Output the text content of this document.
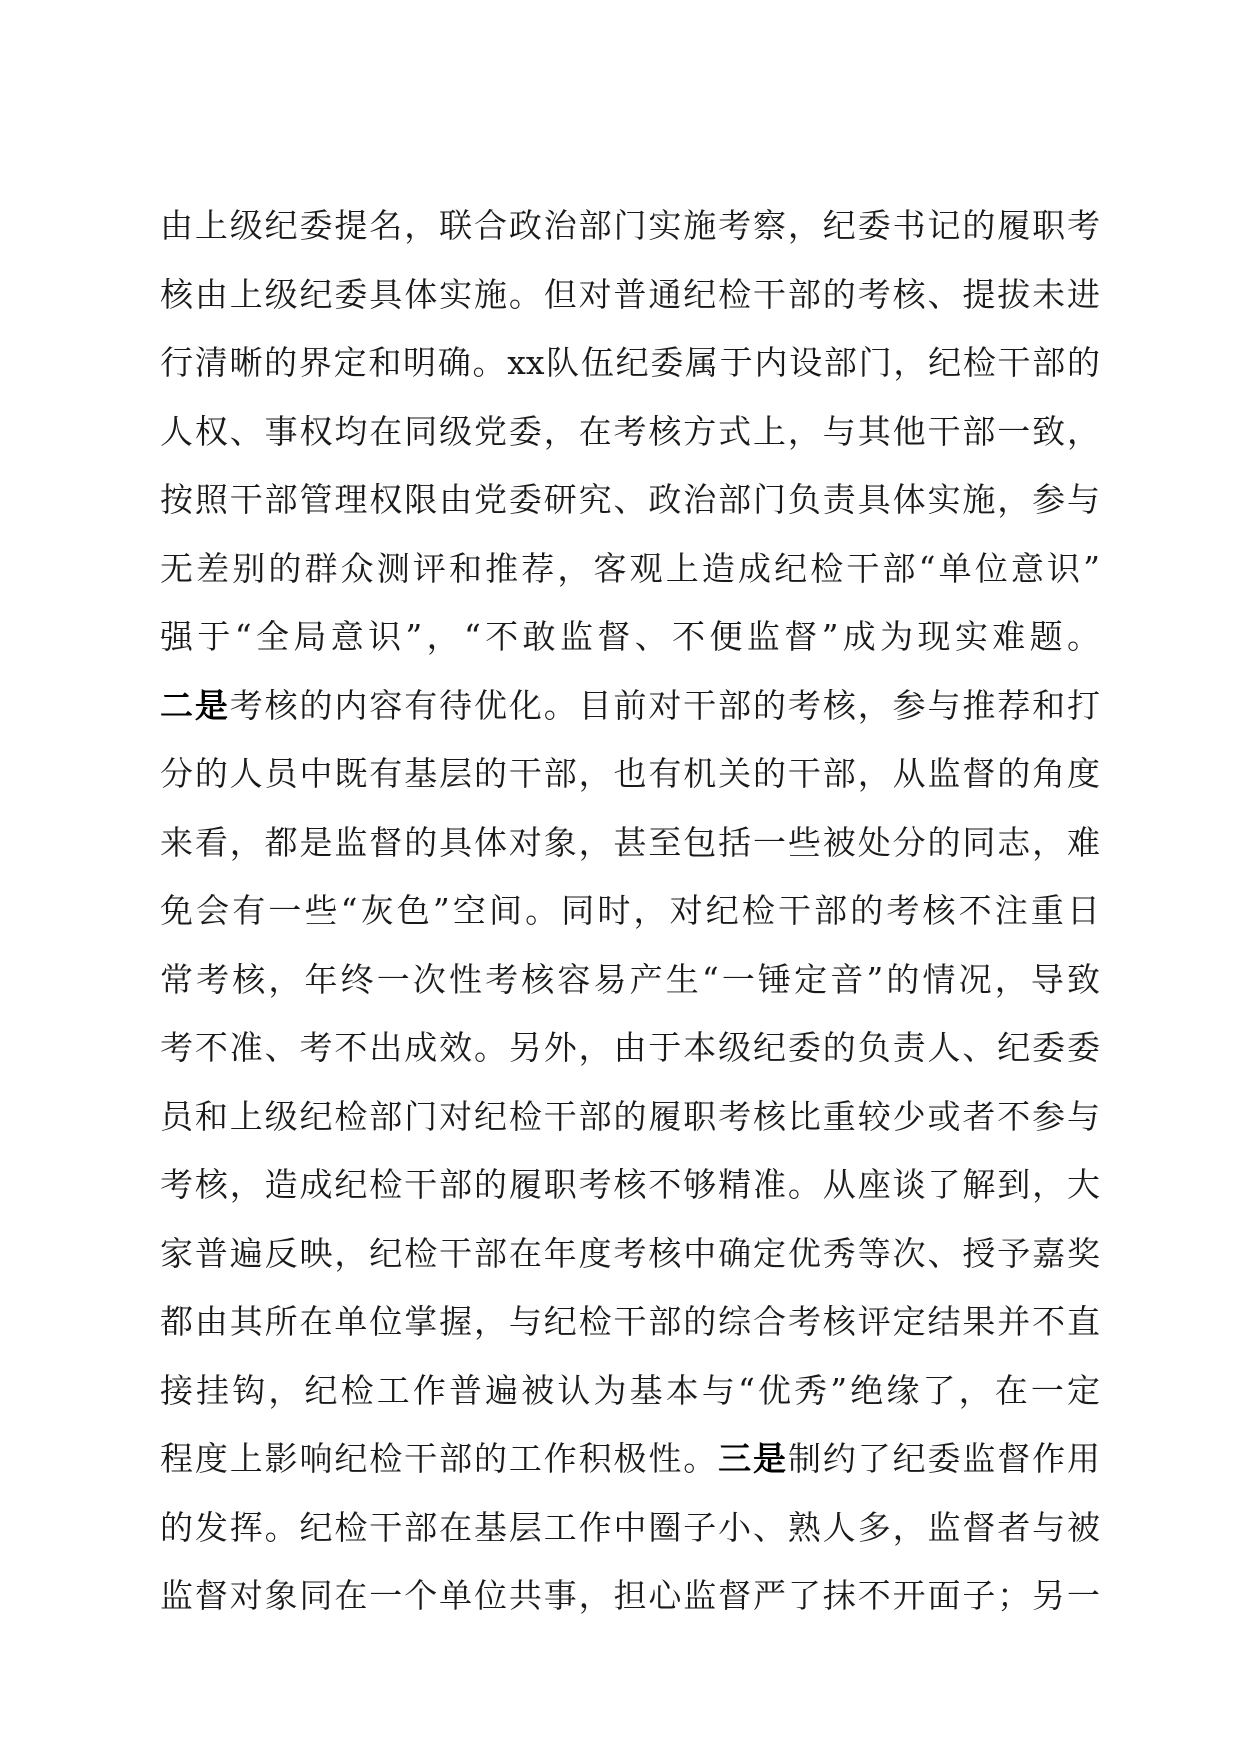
由上级纪委提名，联合政治部门实施考察，纪委书记的履职考
核由上级纪委具体实施。但对普通纪检干部的考核、提拔未进
行清晰的界定和明确。xx队伍纪委属于内设部门，纪检干部的
人权、事权均在同级党委，在考核方式上，与其他干部一致，
按照干部管理权限由党委研究、政治部门负责具体实施，参与
无差别的群众测评和推荐，客观上造成纪检干部“单位意识”
强于“全局意识”，“不敢监督、不便监督”成为现实难题。
二是考核的内容有待优化。目前对干部的考核，参与推荐和打
分的人员中既有基层的干部，也有机关的干部，从监督的角度
来看，都是监督的具体对象，甚至包括一些被处分的同志，难
免会有一些“灰色”空间。同时，对纪检干部的考核不注重日
常考核，年终一次性考核容易产生“一锤定音”的情况，导致
考不准、考不出成效。另外，由于本级纪委的负责人、纪委委
员和上级纪检部门对纪检干部的履职考核比重较少或者不参与
考核，造成纪检干部的履职考核不够精准。从座谈了解到，大
家普遍反映，纪检干部在年度考核中确定优秀等次、授予嘉奖
都由其所在单位掌握，与纪检干部的综合考核评定结果并不直
接挂钩，纪检工作普遍被认为基本与“优秀”绝缘了，在一定
程度上影响纪检干部的工作积极性。三是制约了纪委监督作用
的发挥。纪检干部在基层工作中圈子小、熟人多，监督者与被
监督对象同在一个单位共事，担心监督严了抹不开面子；另一
